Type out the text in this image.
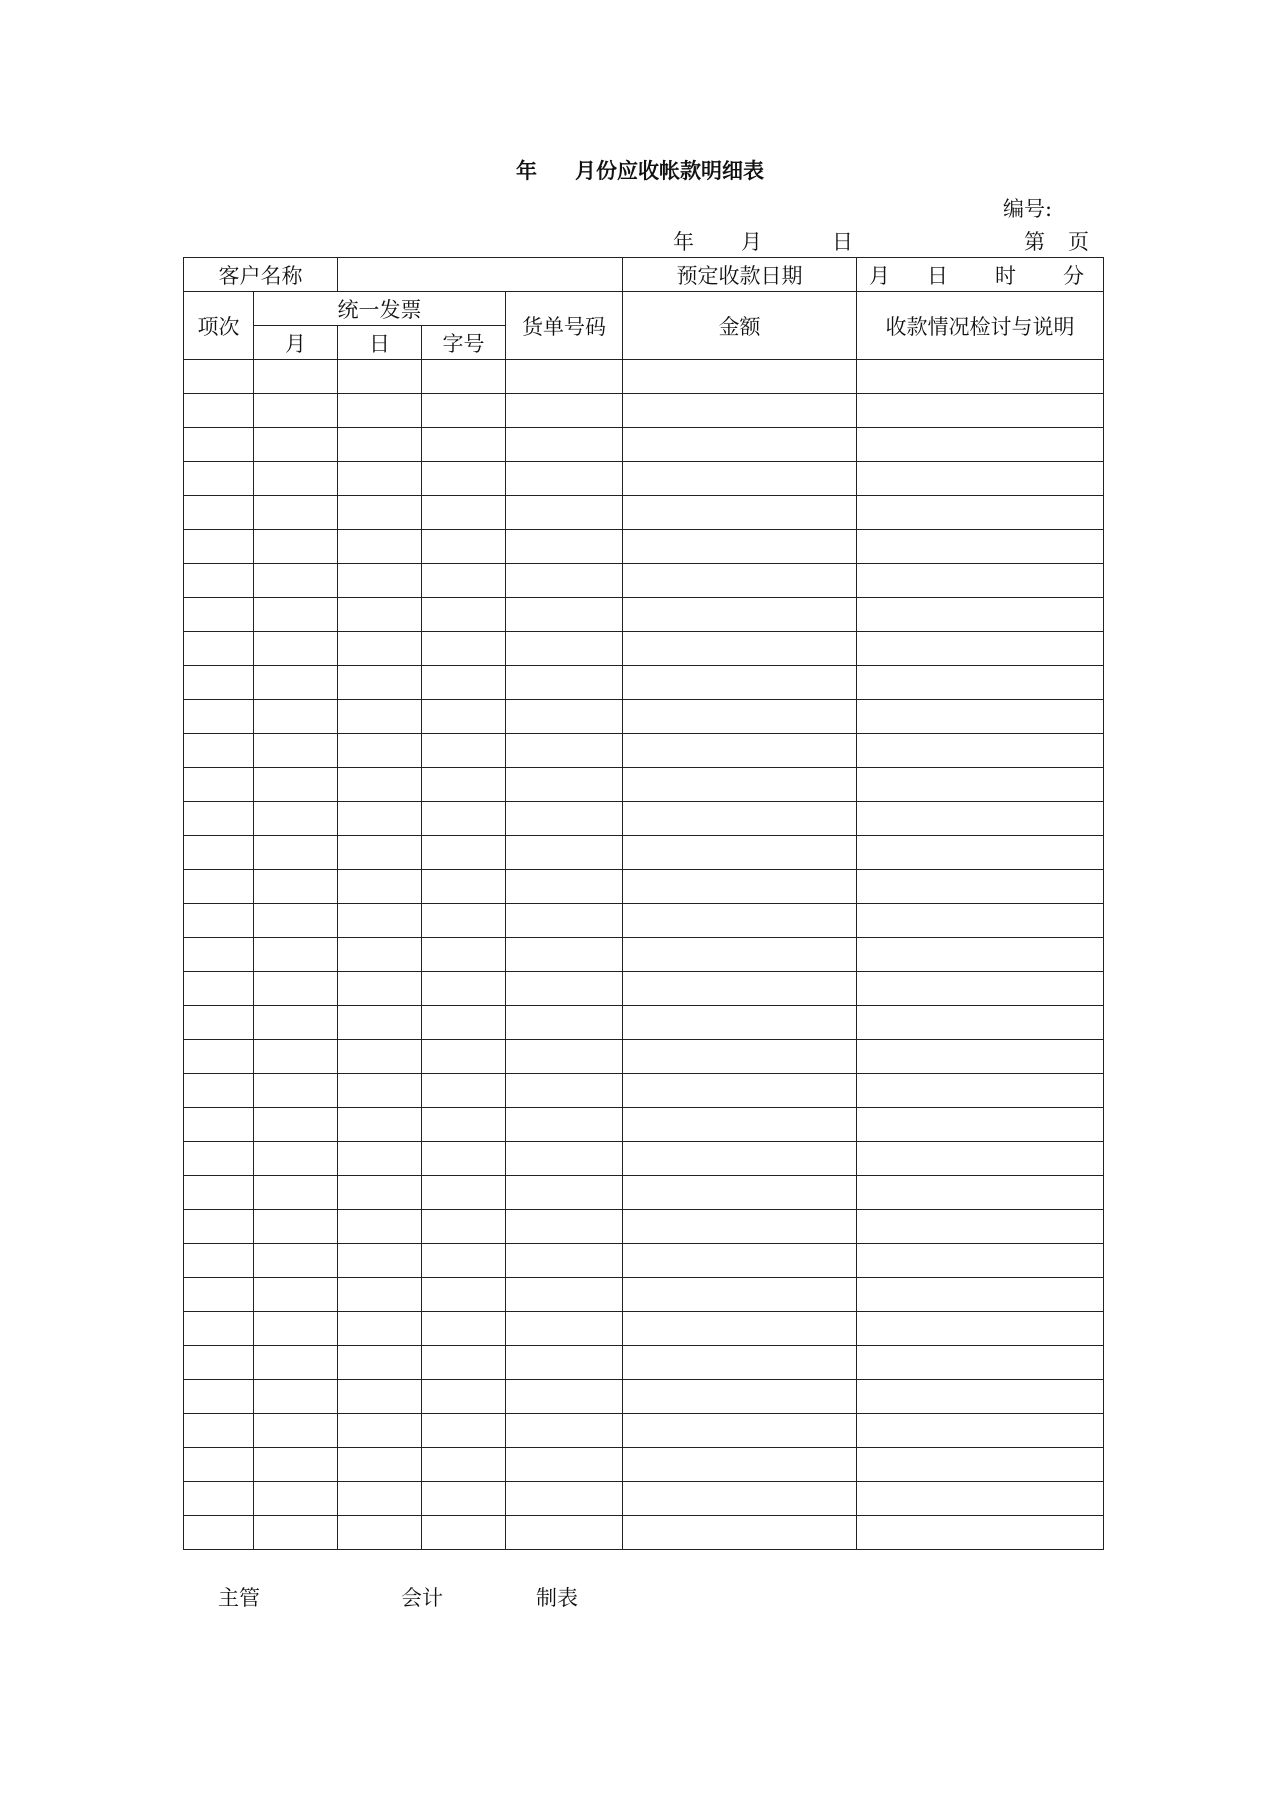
年 月份应收帐款明细表
编号:
年 月	日	第 页
客户名称					预定收款日期	月 日 时 分
项次	统一发票			货单号码	金额	收款情况检讨与说明
	月	日	字号			

主管	会计	制表
